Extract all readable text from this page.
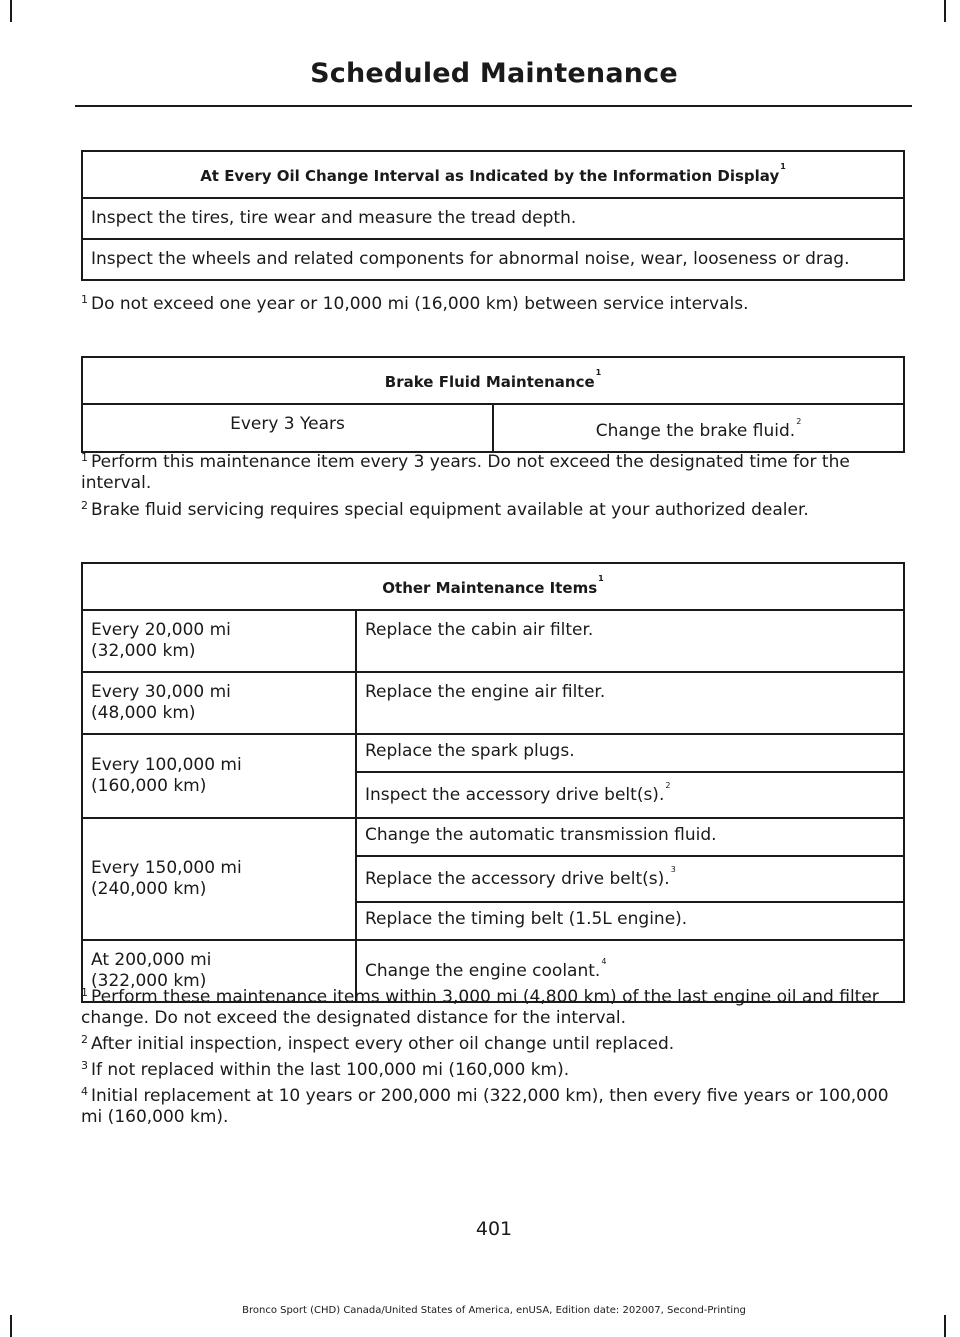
Scheduled Maintenance
At Every Oil Change Interval as Indicated by the Information Display$^1$
Inspect the tires, tire wear and measure the tread depth.
Inspect the wheels and related components for abnormal noise, wear, looseness or drag.
$^1$ Do not exceed one year or 10,000 mi (16,000 km) between service intervals.
Brake Fluid Maintenance$^1$
Every 3 Years	Change the brake fluid.$^2$
$^1$ Perform this maintenance item every 3 years. Do not exceed the designated time for the interval.
$^2$ Brake fluid servicing requires special equipment available at your authorized dealer.
Other Maintenance Items$^1$
Every 20,000 mi
(32,000 km)	Replace the cabin air filter.
Every 30,000 mi
(48,000 km)	Replace the engine air filter.
Every 100,000 mi
(160,000 km)	Replace the spark plugs.
	Inspect the accessory drive belt(s).$^2$
Every 150,000 mi
(240,000 km)	Change the automatic transmission fluid.
	Replace the accessory drive belt(s).$^3$
	Replace the timing belt (1.5L engine).
At 200,000 mi
(322,000 km)	Change the engine coolant.$^4$
$^1$ Perform these maintenance items within 3,000 mi (4,800 km) of the last engine oil and filter change. Do not exceed the designated distance for the interval.
$^2$ After initial inspection, inspect every other oil change until replaced.
$^3$ If not replaced within the last 100,000 mi (160,000 km).
$^4$ Initial replacement at 10 years or 200,000 mi (322,000 km), then every five years or 100,000 mi (160,000 km).
401
Bronco Sport (CHD) Canada/United States of America, enUSA, Edition date: 202007, Second-Printing
